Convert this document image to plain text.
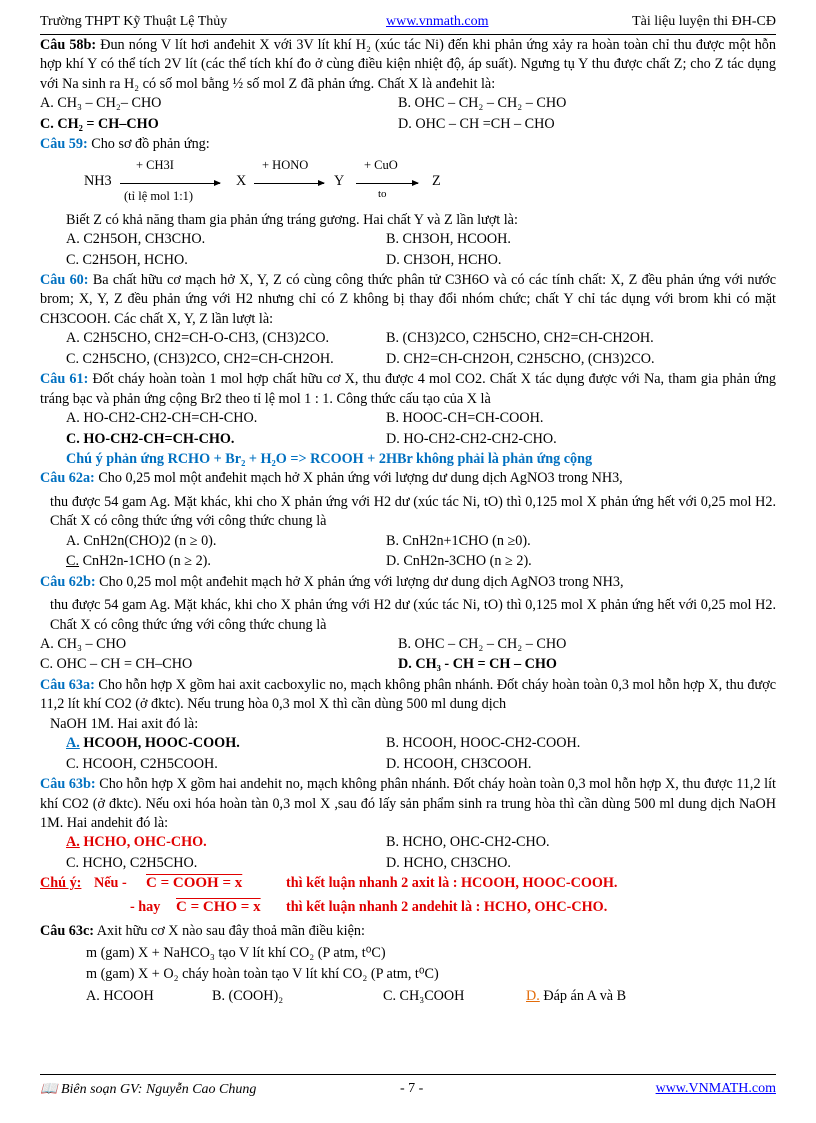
Trường THPT Kỹ Thuật Lệ Thủy	www.vnmath.com	Tài liệu luyện thi ĐH-CĐ

Câu 58b: Đun nóng V lít hơi anđehit X với 3V lít khí H₂ (xúc tác Ni) đến khi phản ứng xảy ra hoàn toàn chỉ thu được một hỗn hợp khí Y có thể tích 2V lít (các thể tích khí đo ở cùng điều kiện nhiệt độ, áp suất). Ngưng tụ Y thu được chất Z; cho Z tác dụng với Na sinh ra H₂ có số mol bằng ½ số mol Z đã phản ứng. Chất X là anđehit là:

A. CH₃ – CH₂– CHO	B. OHC – CH₂ – CH₂ – CHO
C. CH₂ = CH–CHO	D. OHC – CH =CH – CHO

Câu 59: Cho sơ đồ phản ứng:

NH3
+ CH3I
(tỉ lệ mol 1:1)
X
+ HONO
Y
+ CuO
to
Z

Biết Z có khả năng tham gia phản ứng tráng gương. Hai chất Y và Z lần lượt là:

A. C2H5OH, CH3CHO.	B. CH3OH, HCOOH.
C. C2H5OH, HCHO.	D. CH3OH, HCHO.

Câu 60: Ba chất hữu cơ mạch hở X, Y, Z có cùng công thức phân tử C3H6O và có các tính chất: X, Z đều phản ứng với nước brom; X, Y, Z đều phản ứng với H2 nhưng chỉ có Z không bị thay đổi nhóm chức; chất Y chỉ tác dụng với brom khi có mặt CH3COOH. Các chất X, Y, Z lần lượt là:

A. C2H5CHO, CH2=CH-O-CH3, (CH3)2CO.	B. (CH3)2CO, C2H5CHO, CH2=CH-CH2OH.
C. C2H5CHO, (CH3)2CO, CH2=CH-CH2OH.	D. CH2=CH-CH2OH, C2H5CHO, (CH3)2CO.

Câu 61: Đốt cháy hoàn toàn 1 mol hợp chất hữu cơ X, thu được 4 mol CO2. Chất X tác dụng được với Na, tham gia phản ứng tráng bạc và phản ứng cộng Br2 theo tỉ lệ mol 1 : 1. Công thức cấu tạo của X là

A. HO-CH2-CH2-CH=CH-CHO.	B. HOOC-CH=CH-COOH.
C. HO-CH2-CH=CH-CHO.	D. HO-CH2-CH2-CH2-CHO.

Chú ý phản ứng RCHO + Br₂ + H₂O => RCOOH + 2HBr không phải là phản ứng cộng

Câu 62a: Cho 0,25 mol một anđehit mạch hở X phản ứng với lượng dư dung dịch AgNO3 trong NH3,

thu được 54 gam Ag. Mặt khác, khi cho X phản ứng với H2 dư (xúc tác Ni, tO) thì 0,125 mol X phản ứng hết với 0,25 mol H2. Chất X có công thức ứng với công thức chung là

A. CnH2n(CHO)2 (n ≥ 0).	B. CnH2n+1CHO (n ≥0).
C. CnH2n-1CHO (n ≥ 2).	D. CnH2n-3CHO (n ≥ 2).

Câu 62b: Cho 0,25 mol một anđehit mạch hở X phản ứng với lượng dư dung dịch AgNO3 trong NH3,

thu được 54 gam Ag. Mặt khác, khi cho X phản ứng với H2 dư (xúc tác Ni, tO) thì 0,125 mol X phản ứng hết với 0,25 mol H2. Chất X có công thức ứng với công thức chung là

A. CH₃ – CHO	B. OHC – CH₂ – CH₂ – CHO
C. OHC – CH = CH–CHO	D. CH₃ - CH = CH – CHO

Câu 63a: Cho hỗn hợp X gồm hai axit cacboxylic no, mạch không phân nhánh. Đốt cháy hoàn toàn 0,3 mol hỗn hợp X, thu được 11,2 lít khí CO2 (ở đktc). Nếu trung hòa 0,3 mol X thì cần dùng 500 ml dung dịch

NaOH 1M. Hai axit đó là:

A. HCOOH, HOOC-COOH.	B. HCOOH, HOOC-CH2-COOH.
C. HCOOH, C2H5COOH.	D. HCOOH, CH3COOH.

Câu 63b: Cho hỗn hợp X gồm hai andehit no, mạch không phân nhánh. Đốt cháy hoàn toàn 0,3 mol hỗn hợp X, thu được 11,2 lít khí CO2 (ở đktc). Nếu oxi hóa hoàn tàn 0,3 mol X ,sau đó lấy sản phẩm sinh ra trung hòa thì cần dùng 500 ml dung dịch NaOH 1M. Hai andehit đó là:

A. HCHO, OHC-CHO.	B. HCHO, OHC-CH2-CHO.
C. HCHO, C2H5CHO.	D. HCHO, CH3CHO.
Chú ý: Nếu - C = COOH = x	thì kết luận nhanh 2 axit là : HCOOH, HOOC-COOH.
- hay C = CHO = x thì kết luận nhanh 2 andehit là : HCHO, OHC-CHO.

Câu 63c: Axit hữu cơ X nào sau đây thoả mãn điều kiện:

m (gam) X + NaHCO₃ tạo V lít khí CO₂ (P atm, t⁰C)

m (gam) X + O₂ cháy hoàn toàn tạo V lít khí CO₂ (P atm, t⁰C)

A. HCOOH	B. (COOH)₂	C. CH₃COOH	D. Đáp án A và B
📖 Biên soạn GV: Nguyễn Cao Chung	- 7 -	www.VNMATH.com
